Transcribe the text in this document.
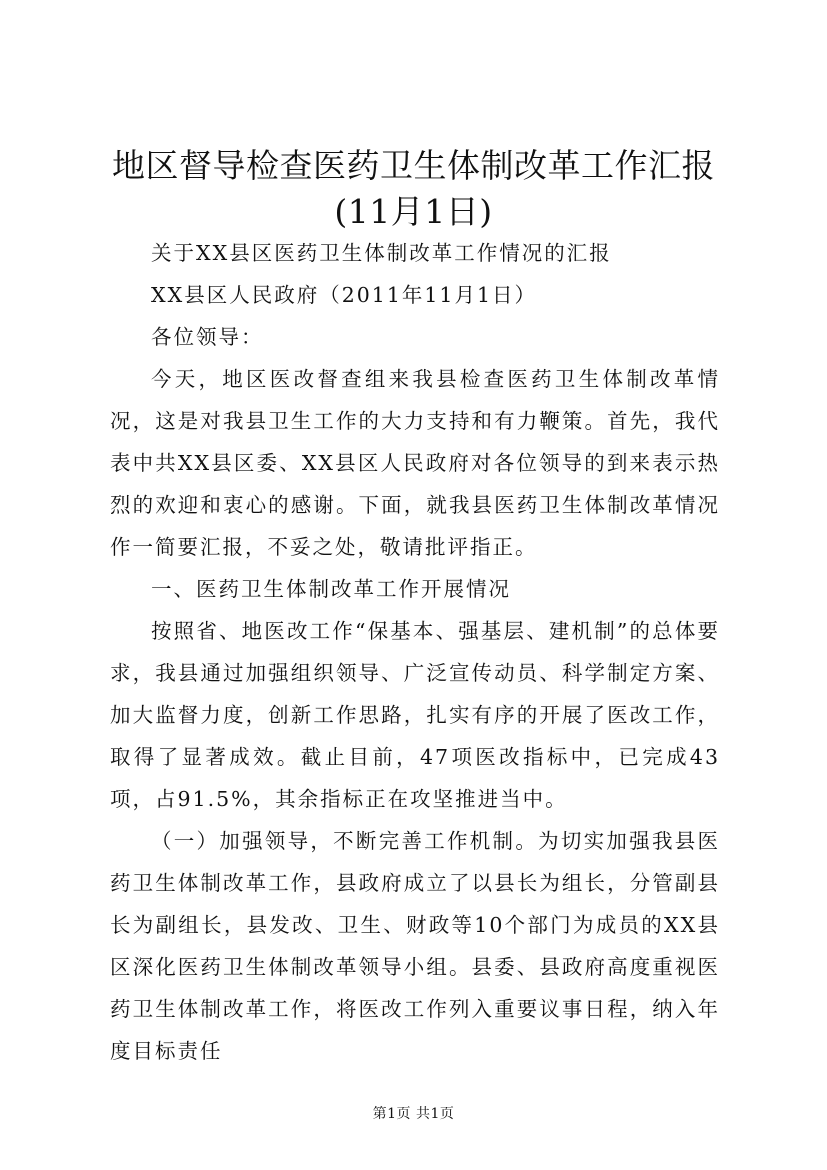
地区督导检查医药卫生体制改革工作汇报(11月1日)

关于XX县区医药卫生体制改革工作情况的汇报

XX县区人民政府（2011年11月1日）

各位领导：

今天，地区医改督查组来我县检查医药卫生体制改革情况，这是对我县卫生工作的大力支持和有力鞭策。首先，我代表中共XX县区委、XX县区人民政府对各位领导的到来表示热烈的欢迎和衷心的感谢。下面，就我县医药卫生体制改革情况作一简要汇报，不妥之处，敬请批评指正。

一、医药卫生体制改革工作开展情况

按照省、地医改工作“保基本、强基层、建机制”的总体要求，我县通过加强组织领导、广泛宣传动员、科学制定方案、加大监督力度，创新工作思路，扎实有序的开展了医改工作，取得了显著成效。截止目前，47项医改指标中，已完成43项，占91.5%，其余指标正在攻坚推进当中。

（一）加强领导，不断完善工作机制。为切实加强我县医药卫生体制改革工作，县政府成立了以县长为组长，分管副县长为副组长，县发改、卫生、财政等10个部门为成员的XX县区深化医药卫生体制改革领导小组。县委、县政府高度重视医药卫生体制改革工作，将医改工作列入重要议事日程，纳入年度目标责任

第1页 共1页
